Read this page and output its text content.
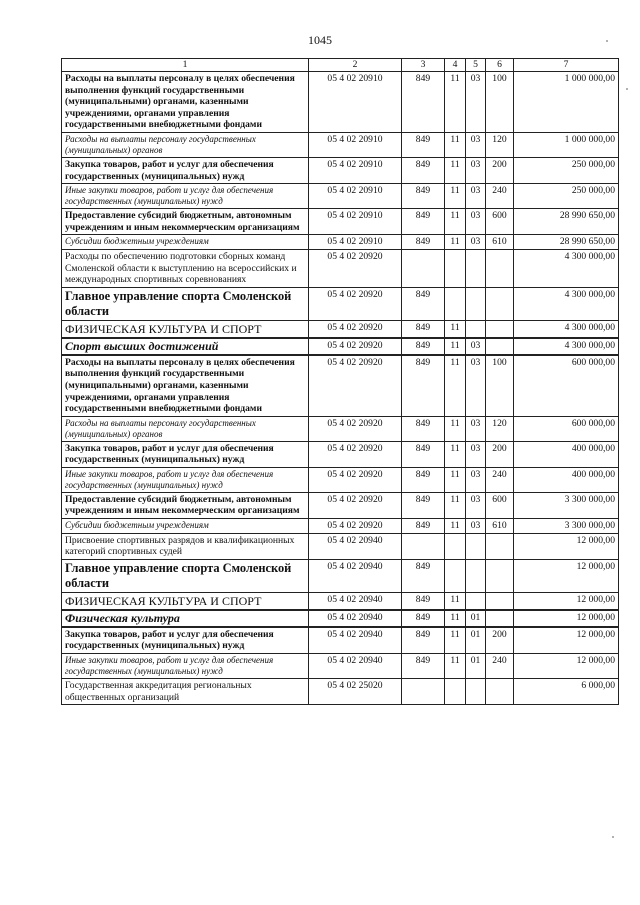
1045
1	2	3	4	5	6	7
Расходы на выплаты персоналу в целях обеспечения выполнения функций государственными (муниципальными) органами, казенными учреждениями, органами управления государственными внебюджетными фондами	05 4 02 20910	849	11	03	100	1 000 000,00
Расходы на выплаты персоналу государственных (муниципальных) органов	05 4 02 20910	849	11	03	120	1 000 000,00
Закупка товаров, работ и услуг для обеспечения государственных (муниципальных) нужд	05 4 02 20910	849	11	03	200	250 000,00
Иные закупки товаров, работ и услуг для обеспечения государственных (муниципальных) нужд	05 4 02 20910	849	11	03	240	250 000,00
Предоставление субсидий бюджетным, автономным учреждениям и иным некоммерческим организациям	05 4 02 20910	849	11	03	600	28 990 650,00
Субсидии бюджетным учреждениям	05 4 02 20910	849	11	03	610	28 990 650,00
Расходы по обеспечению подготовки сборных команд Смоленской области к выступлению на всероссийских и международных спортивных соревнованиях	05 4 02 20920					4 300 000,00
Главное управление спорта Смоленской области	05 4 02 20920	849				4 300 000,00
ФИЗИЧЕСКАЯ КУЛЬТУРА И СПОРТ	05 4 02 20920	849	11			4 300 000,00
Спорт высших достижений	05 4 02 20920	849	11	03		4 300 000,00
Расходы на выплаты персоналу в целях обеспечения выполнения функций государственными (муниципальными) органами, казенными учреждениями, органами управления государственными внебюджетными фондами	05 4 02 20920	849	11	03	100	600 000,00
Расходы на выплаты персоналу государственных (муниципальных) органов	05 4 02 20920	849	11	03	120	600 000,00
Закупка товаров, работ и услуг для обеспечения государственных (муниципальных) нужд	05 4 02 20920	849	11	03	200	400 000,00
Иные закупки товаров, работ и услуг для обеспечения государственных (муниципальных) нужд	05 4 02 20920	849	11	03	240	400 000,00
Предоставление субсидий бюджетным, автономным учреждениям и иным некоммерческим организациям	05 4 02 20920	849	11	03	600	3 300 000,00
Субсидии бюджетным учреждениям	05 4 02 20920	849	11	03	610	3 300 000,00
Присвоение спортивных разрядов и квалификационных категорий спортивных судей	05 4 02 20940					12 000,00
Главное управление спорта Смоленской области	05 4 02 20940	849				12 000,00
ФИЗИЧЕСКАЯ КУЛЬТУРА И СПОРТ	05 4 02 20940	849	11			12 000,00
Физическая культура	05 4 02 20940	849	11	01		12 000,00
Закупка товаров, работ и услуг для обеспечения государственных (муниципальных) нужд	05 4 02 20940	849	11	01	200	12 000,00
Иные закупки товаров, работ и услуг для обеспечения государственных (муниципальных) нужд	05 4 02 20940	849	11	01	240	12 000,00
Государственная аккредитация региональных общественных организаций	05 4 02 25020					6 000,00
